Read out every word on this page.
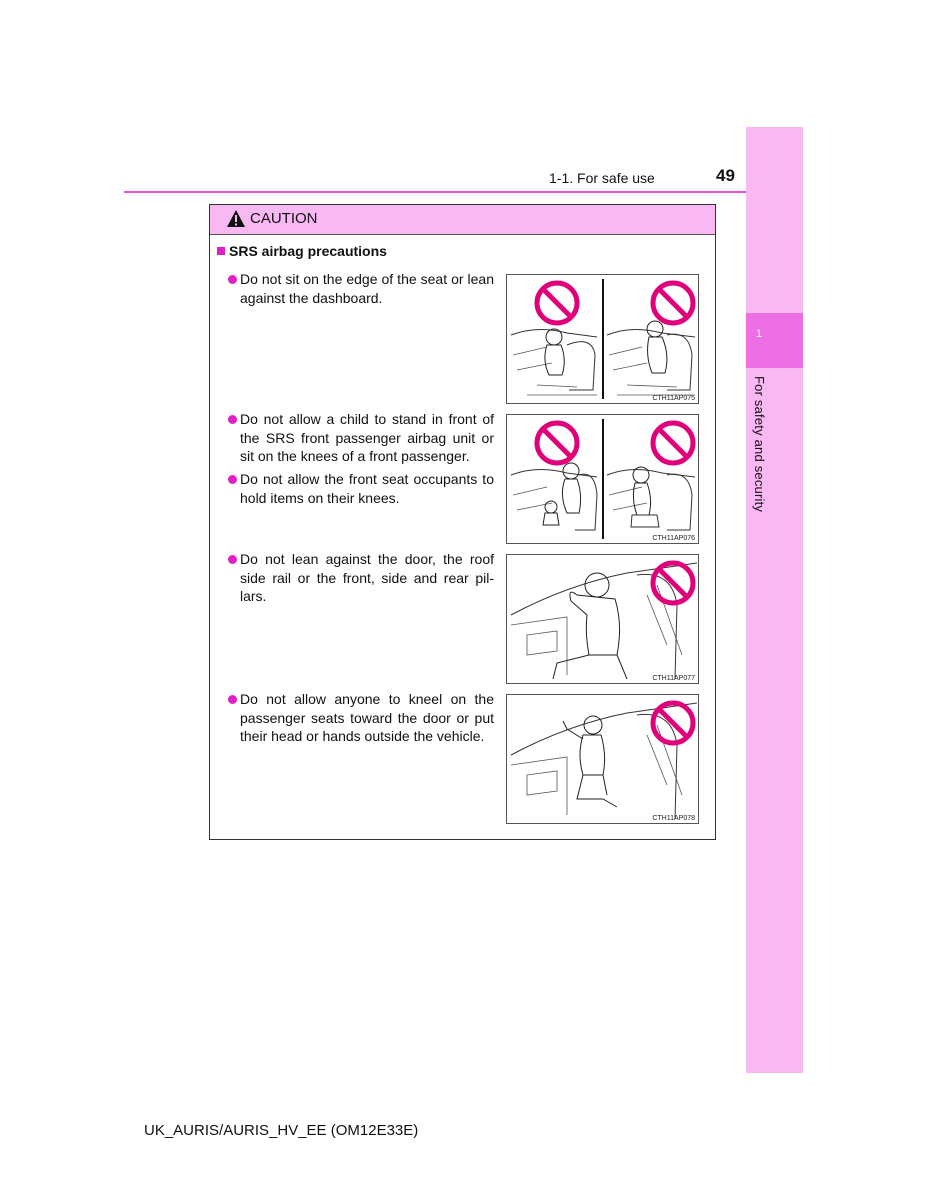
1-1. For safe use	49
1
For safety and security
CAUTION
SRS airbag precautions
Do not sit on the edge of the seat or lean against the dashboard.
Do not allow a child to stand in front of the SRS front passenger airbag unit or sit on the knees of a front passenger.
Do not allow the front seat occupants to hold items on their knees.
Do not lean against the door, the roof side rail or the front, side and rear pil-lars.
Do not allow anyone to kneel on the passenger seats toward the door or put their head or hands outside the vehicle.
CTH11AP075
CTH11AP076
CTH11AP077
CTH11AP078
UK_AURIS/AURIS_HV_EE (OM12E33E)
